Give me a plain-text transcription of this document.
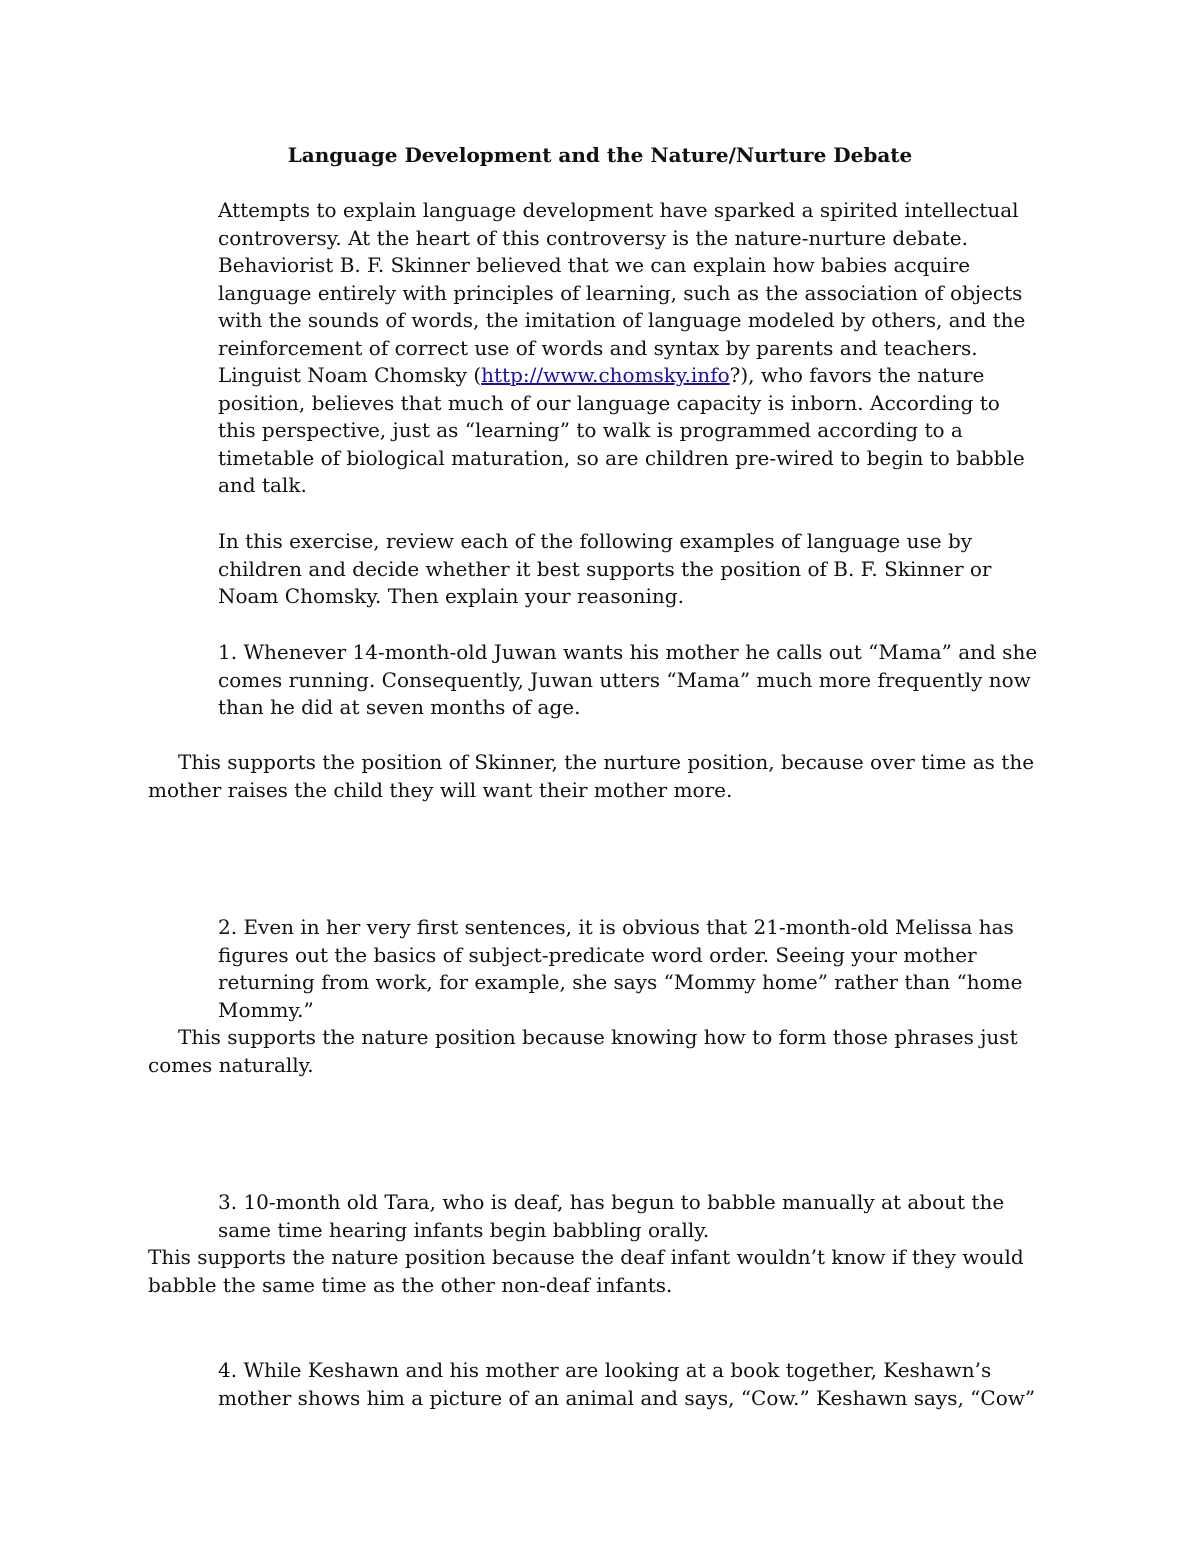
Language Development and the Nature/Nurture Debate

Attempts to explain language development have sparked a spirited intellectual controversy. At the heart of this controversy is the nature-nurture debate. Behaviorist B. F. Skinner believed that we can explain how babies acquire language entirely with principles of learning, such as the association of objects with the sounds of words, the imitation of language modeled by others, and the reinforcement of correct use of words and syntax by parents and teachers. Linguist Noam Chomsky (http://www.chomsky.info?), who favors the nature position, believes that much of our language capacity is inborn. According to this perspective, just as “learning” to walk is programmed according to a timetable of biological maturation, so are children pre-wired to begin to babble and talk.

In this exercise, review each of the following examples of language use by children and decide whether it best supports the position of B. F. Skinner or Noam Chomsky. Then explain your reasoning.

1. Whenever 14-month-old Juwan wants his mother he calls out “Mama” and she comes running. Consequently, Juwan utters “Mama” much more frequently now than he did at seven months of age.

This supports the position of Skinner, the nurture position, because over time as the mother raises the child they will want their mother more.

2. Even in her very first sentences, it is obvious that 21-month-old Melissa has figures out the basics of subject-predicate word order. Seeing your mother returning from work, for example, she says “Mommy home” rather than “home Mommy.”

This supports the nature position because knowing how to form those phrases just comes naturally.

3. 10-month old Tara, who is deaf, has begun to babble manually at about the same time hearing infants begin babbling orally.

This supports the nature position because the deaf infant wouldn’t know if they would babble the same time as the other non-deaf infants.

4. While Keshawn and his mother are looking at a book together, Keshawn’s mother shows him a picture of an animal and says, “Cow.” Keshawn says, “Cow”
